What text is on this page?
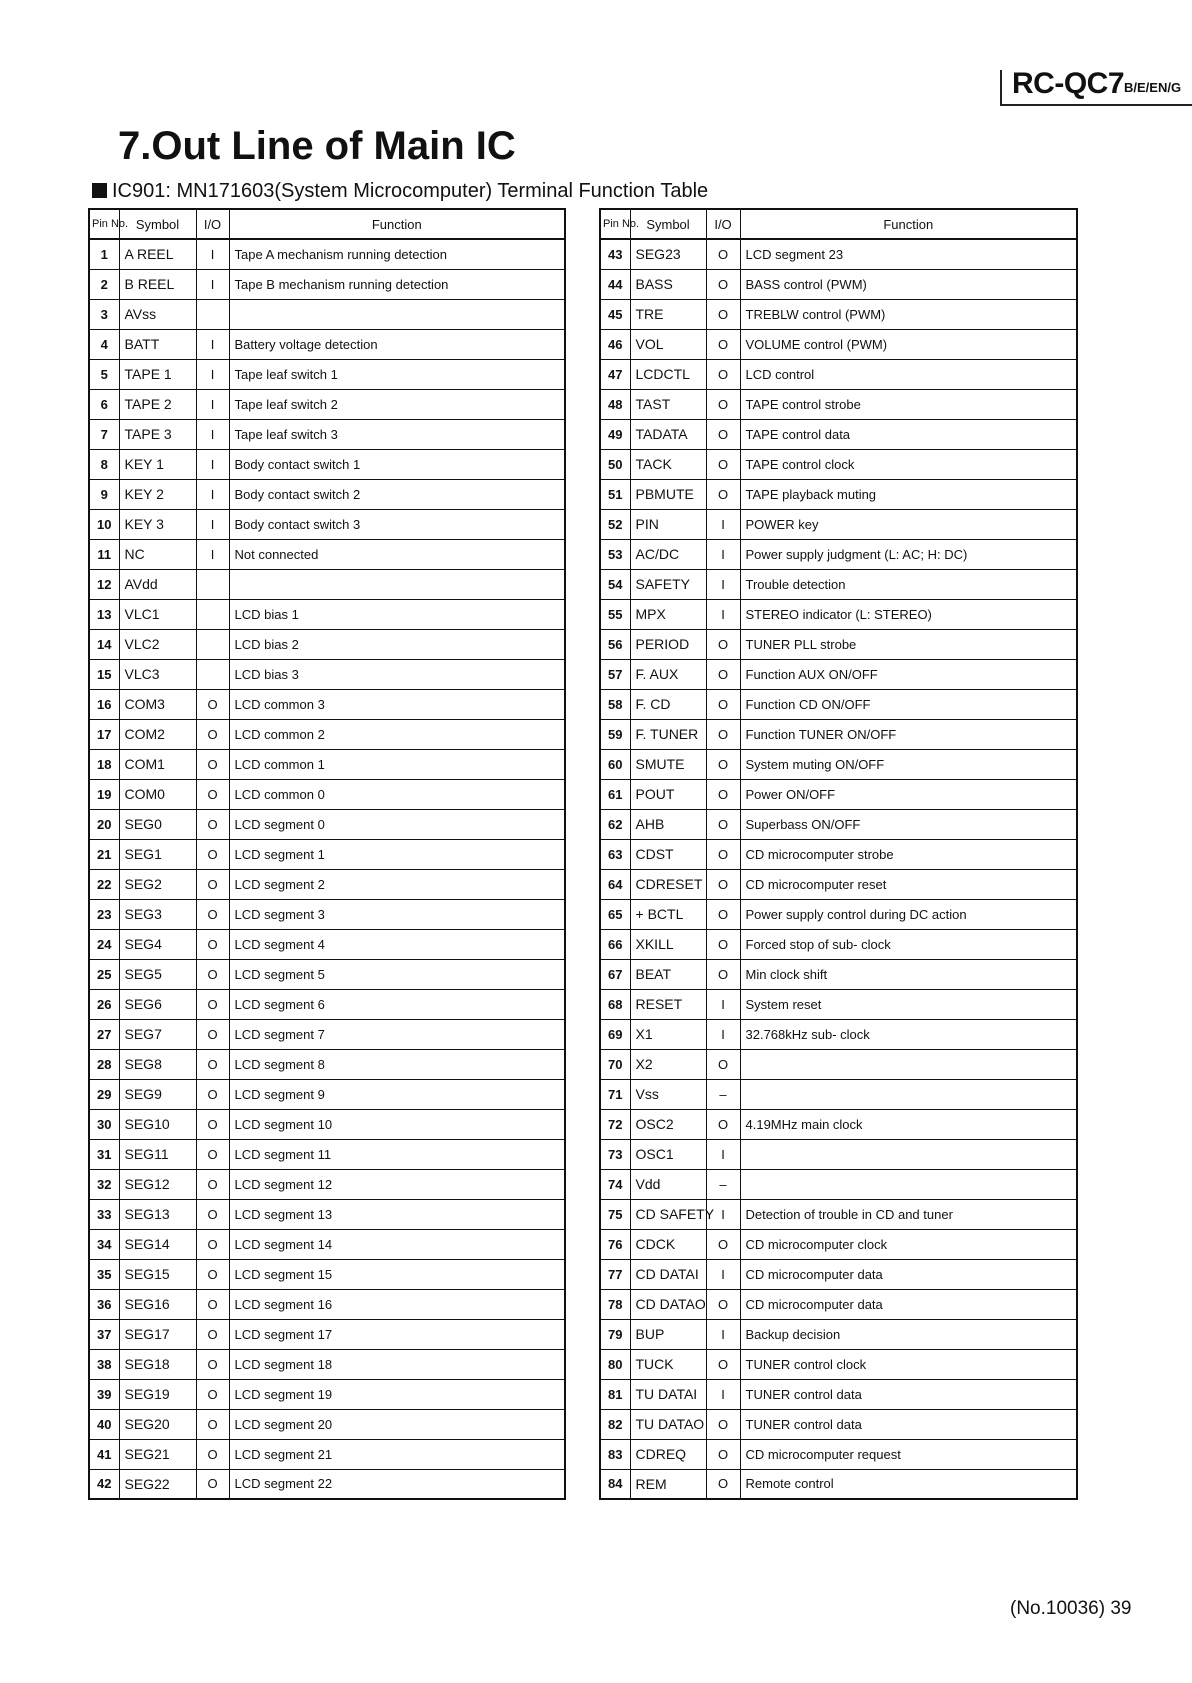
RC-QC7 B/E/EN/G
7.Out Line of Main IC
IC901: MN171603(System Microcomputer) Terminal Function Table
Pin No.	Symbol	I/O	Function
1	A REEL	I	Tape A mechanism running detection
2	B REEL	I	Tape B mechanism running detection
3	AVss		
4	BATT	I	Battery voltage detection
5	TAPE 1	I	Tape leaf switch 1
6	TAPE 2	I	Tape leaf switch 2
7	TAPE 3	I	Tape leaf switch 3
8	KEY 1	I	Body contact switch 1
9	KEY 2	I	Body contact switch 2
10	KEY 3	I	Body contact switch 3
11	NC	I	Not connected
12	AVdd		
13	VLC1		LCD bias 1
14	VLC2		LCD bias 2
15	VLC3		LCD bias 3
16	COM3	O	LCD common 3
17	COM2	O	LCD common 2
18	COM1	O	LCD common 1
19	COM0	O	LCD common 0
20	SEG0	O	LCD segment 0
21	SEG1	O	LCD segment 1
22	SEG2	O	LCD segment 2
23	SEG3	O	LCD segment 3
24	SEG4	O	LCD segment 4
25	SEG5	O	LCD segment 5
26	SEG6	O	LCD segment 6
27	SEG7	O	LCD segment 7
28	SEG8	O	LCD segment 8
29	SEG9	O	LCD segment 9
30	SEG10	O	LCD segment 10
31	SEG11	O	LCD segment 11
32	SEG12	O	LCD segment 12
33	SEG13	O	LCD segment 13
34	SEG14	O	LCD segment 14
35	SEG15	O	LCD segment 15
36	SEG16	O	LCD segment 16
37	SEG17	O	LCD segment 17
38	SEG18	O	LCD segment 18
39	SEG19	O	LCD segment 19
40	SEG20	O	LCD segment 20
41	SEG21	O	LCD segment 21
42	SEG22	O	LCD segment 22
Pin No.	Symbol	I/O	Function
43	SEG23	O	LCD segment 23
44	BASS	O	BASS control (PWM)
45	TRE	O	TREBLW control (PWM)
46	VOL	O	VOLUME control (PWM)
47	LCDCTL	O	LCD control
48	TAST	O	TAPE control strobe
49	TADATA	O	TAPE control data
50	TACK	O	TAPE control clock
51	PBMUTE	O	TAPE playback muting
52	PIN	I	POWER key
53	AC/DC	I	Power supply judgment (L: AC; H: DC)
54	SAFETY	I	Trouble detection
55	MPX	I	STEREO indicator (L: STEREO)
56	PERIOD	O	TUNER PLL strobe
57	F. AUX	O	Function AUX ON/OFF
58	F. CD	O	Function CD ON/OFF
59	F. TUNER	O	Function TUNER ON/OFF
60	SMUTE	O	System muting ON/OFF
61	POUT	O	Power ON/OFF
62	AHB	O	Superbass ON/OFF
63	CDST	O	CD microcomputer strobe
64	CDRESET	O	CD microcomputer reset
65	+ BCTL	O	Power supply control during DC action
66	XKILL	O	Forced stop of sub- clock
67	BEAT	O	Min clock shift
68	RESET	I	System reset
69	X1	I	32.768kHz sub- clock
70	X2	O	
71	Vss	–	
72	OSC2	O	4.19MHz main clock
73	OSC1	I	
74	Vdd	–	
75	CD SAFETY	I	Detection of trouble in CD and tuner
76	CDCK	O	CD microcomputer clock
77	CD DATAI	I	CD microcomputer data
78	CD DATAO	O	CD microcomputer data
79	BUP	I	Backup decision
80	TUCK	O	TUNER control clock
81	TU DATAI	I	TUNER control data
82	TU DATAO	O	TUNER control data
83	CDREQ	O	CD microcomputer request
84	REM	O	Remote control
(No.10036) 39
